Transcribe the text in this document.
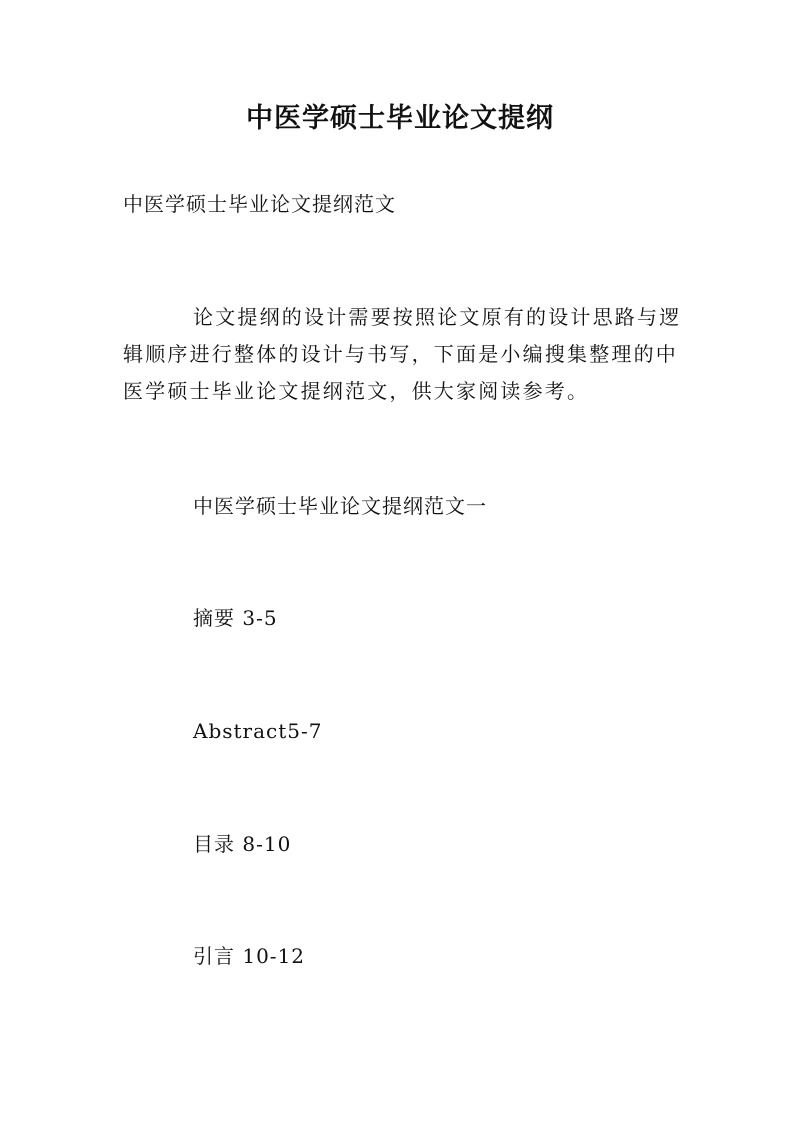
中医学硕士毕业论文提纲

中医学硕士毕业论文提纲范文

论文提纲的设计需要按照论文原有的设计思路与逻辑顺序进行整体的设计与书写，下面是小编搜集整理的中医学硕士毕业论文提纲范文，供大家阅读参考。

中医学硕士毕业论文提纲范文一

摘要 3-5

Abstract5-7

目录 8-10

引言 10-12
